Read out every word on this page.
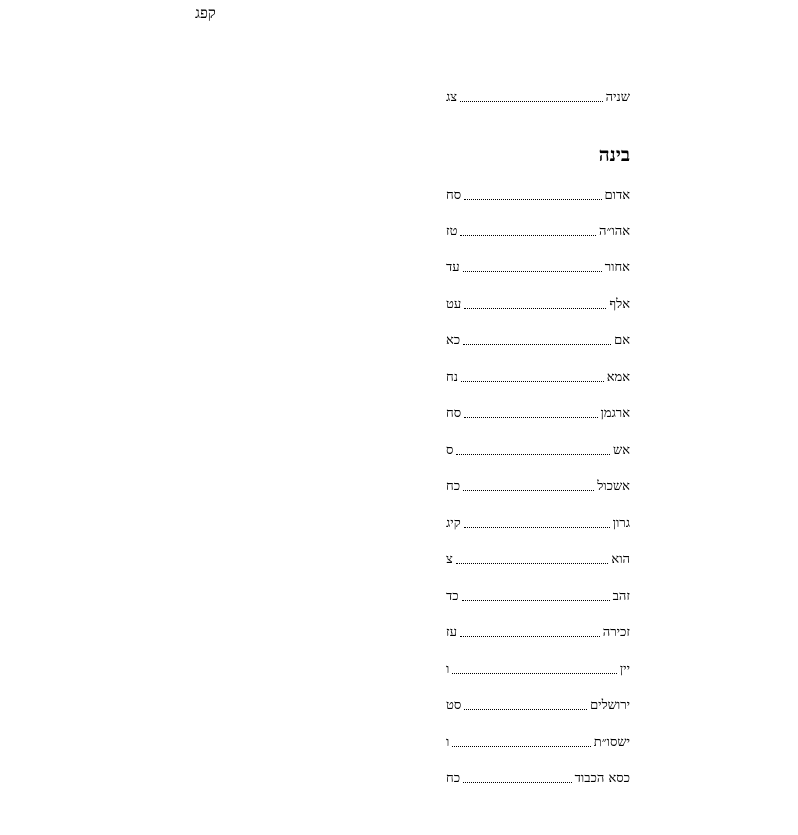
קפג
שניה
צג
בינה
אדום
סח
אהו״ה
טז
אחור
עד
אלף
עט
אם
כא
אמא
נח
ארגמן
סח
אש
ס
אשכול
כח
גרון
קיג
הוא
צ
זהב
כד
זכירה
עז
יין
ו
ירושלים
סט
ישסו״ת
ו
כסא הכבוד
כח
